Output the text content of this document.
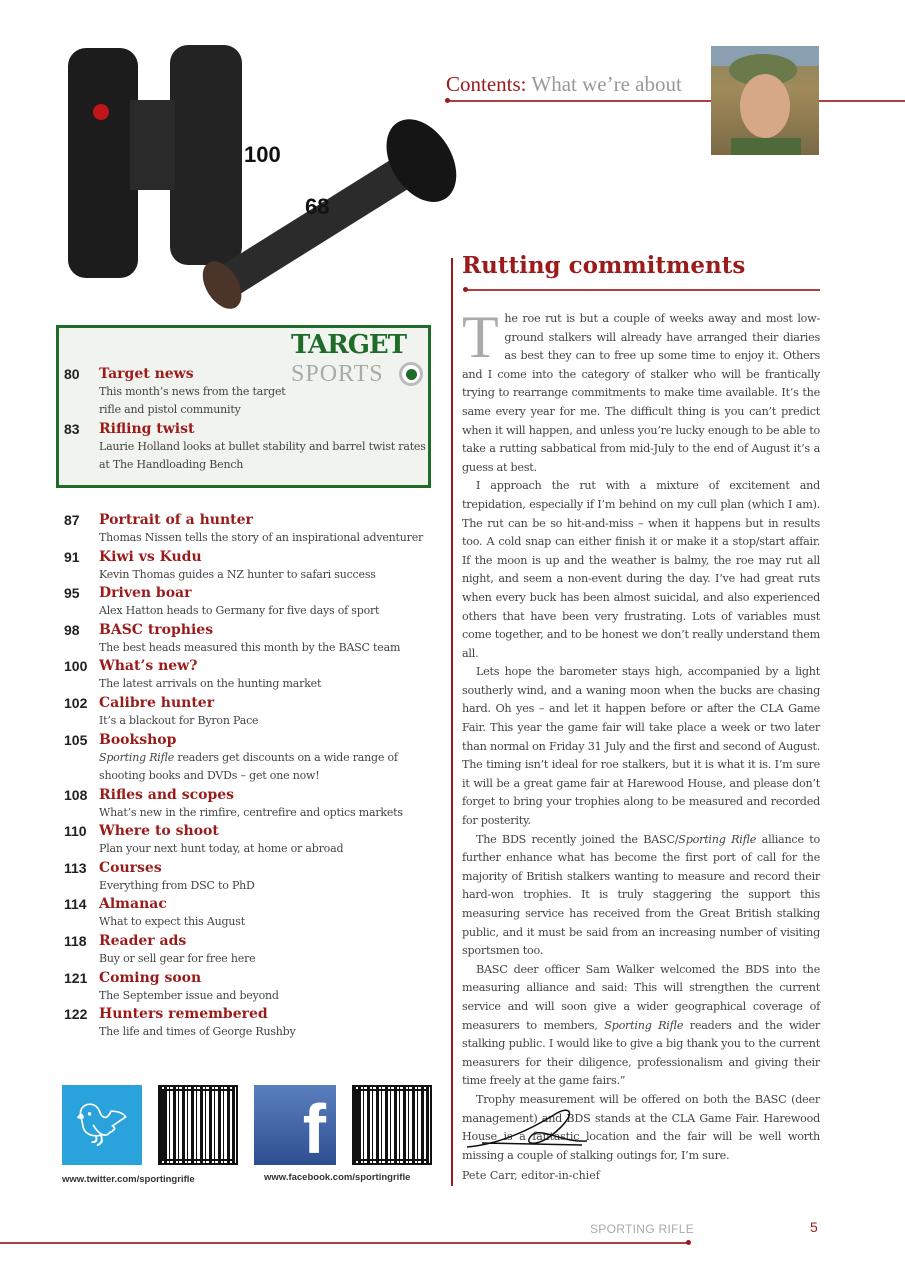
Contents: What we’re about
100
68
TARGET
SPORTS
80 Target news
This month’s news from the target rifle and pistol community
83 Rifling twist
Laurie Holland looks at bullet stability and barrel twist rates at The Handloading Bench
87 Portrait of a hunter
Thomas Nissen tells the story of an inspirational adventurer
91 Kiwi vs Kudu
Kevin Thomas guides a NZ hunter to safari success
95 Driven boar
Alex Hatton heads to Germany for five days of sport
98 BASC trophies
The best heads measured this month by the BASC team
100 What’s new?
The latest arrivals on the hunting market
102 Calibre hunter
It’s a blackout for Byron Pace
105 Bookshop
Sporting Rifle readers get discounts on a wide range of shooting books and DVDs – get one now!
108 Rifles and scopes
What’s new in the rimfire, centrefire and optics markets
110 Where to shoot
Plan your next hunt today, at home or abroad
113 Courses
Everything from DSC to PhD
114 Almanac
What to expect this August
118 Reader ads
Buy or sell gear for free here
121 Coming soon
The September issue and beyond
122 Hunters remembered
The life and times of George Rushby
🐦︎	f
www.twitter.com/sportingrifle	www.facebook.com/sportingrifle
Rutting commitments

The roe rut is but a couple of weeks away and most low-ground stalkers will already have arranged their diaries as best they can to free up some time to enjoy it. Others and I come into the category of stalker who will be frantically trying to rearrange commitments to make time available. It’s the same every year for me. The difficult thing is you can’t predict when it will happen, and unless you’re lucky enough to be able to take a rutting sabbatical from mid-July to the end of August it’s a guess at best.

I approach the rut with a mixture of excitement and trepidation, especially if I’m behind on my cull plan (which I am). The rut can be so hit-and-miss – when it happens but in results too. A cold snap can either finish it or make it a stop/start affair. If the moon is up and the weather is balmy, the roe may rut all night, and seem a non-event during the day. I’ve had great ruts when every buck has been almost suicidal, and also experienced others that have been very frustrating. Lots of variables must come together, and to be honest we don’t really understand them all.

Lets hope the barometer stays high, accompanied by a light southerly wind, and a waning moon when the bucks are chasing hard. Oh yes – and let it happen before or after the CLA Game Fair. This year the game fair will take place a week or two later than normal on Friday 31 July and the first and second of August. The timing isn’t ideal for roe stalkers, but it is what it is. I’m sure it will be a great game fair at Harewood House, and please don’t forget to bring your trophies along to be measured and recorded for posterity.

The BDS recently joined the BASC/Sporting Rifle alliance to further enhance what has become the first port of call for the majority of British stalkers wanting to measure and record their hard-won trophies. It is truly staggering the support this measuring service has received from the Great British stalking public, and it must be said from an increasing number of visiting sportsmen too.

BASC deer officer Sam Walker welcomed the BDS into the measuring alliance and said: This will strengthen the current service and will soon give a wider geographical coverage of measurers to members, Sporting Rifle readers and the wider stalking public. I would like to give a big thank you to the current measurers for their diligence, professionalism and giving their time freely at the game fairs.”

Trophy measurement will be offered on both the BASC (deer management) and BDS stands at the CLA Game Fair. Harewood House is a fantastic location and the fair will be well worth missing a couple of stalking outings for, I’m sure.

Pete Carr, editor-in-chief
SPORTING RIFLE	5
